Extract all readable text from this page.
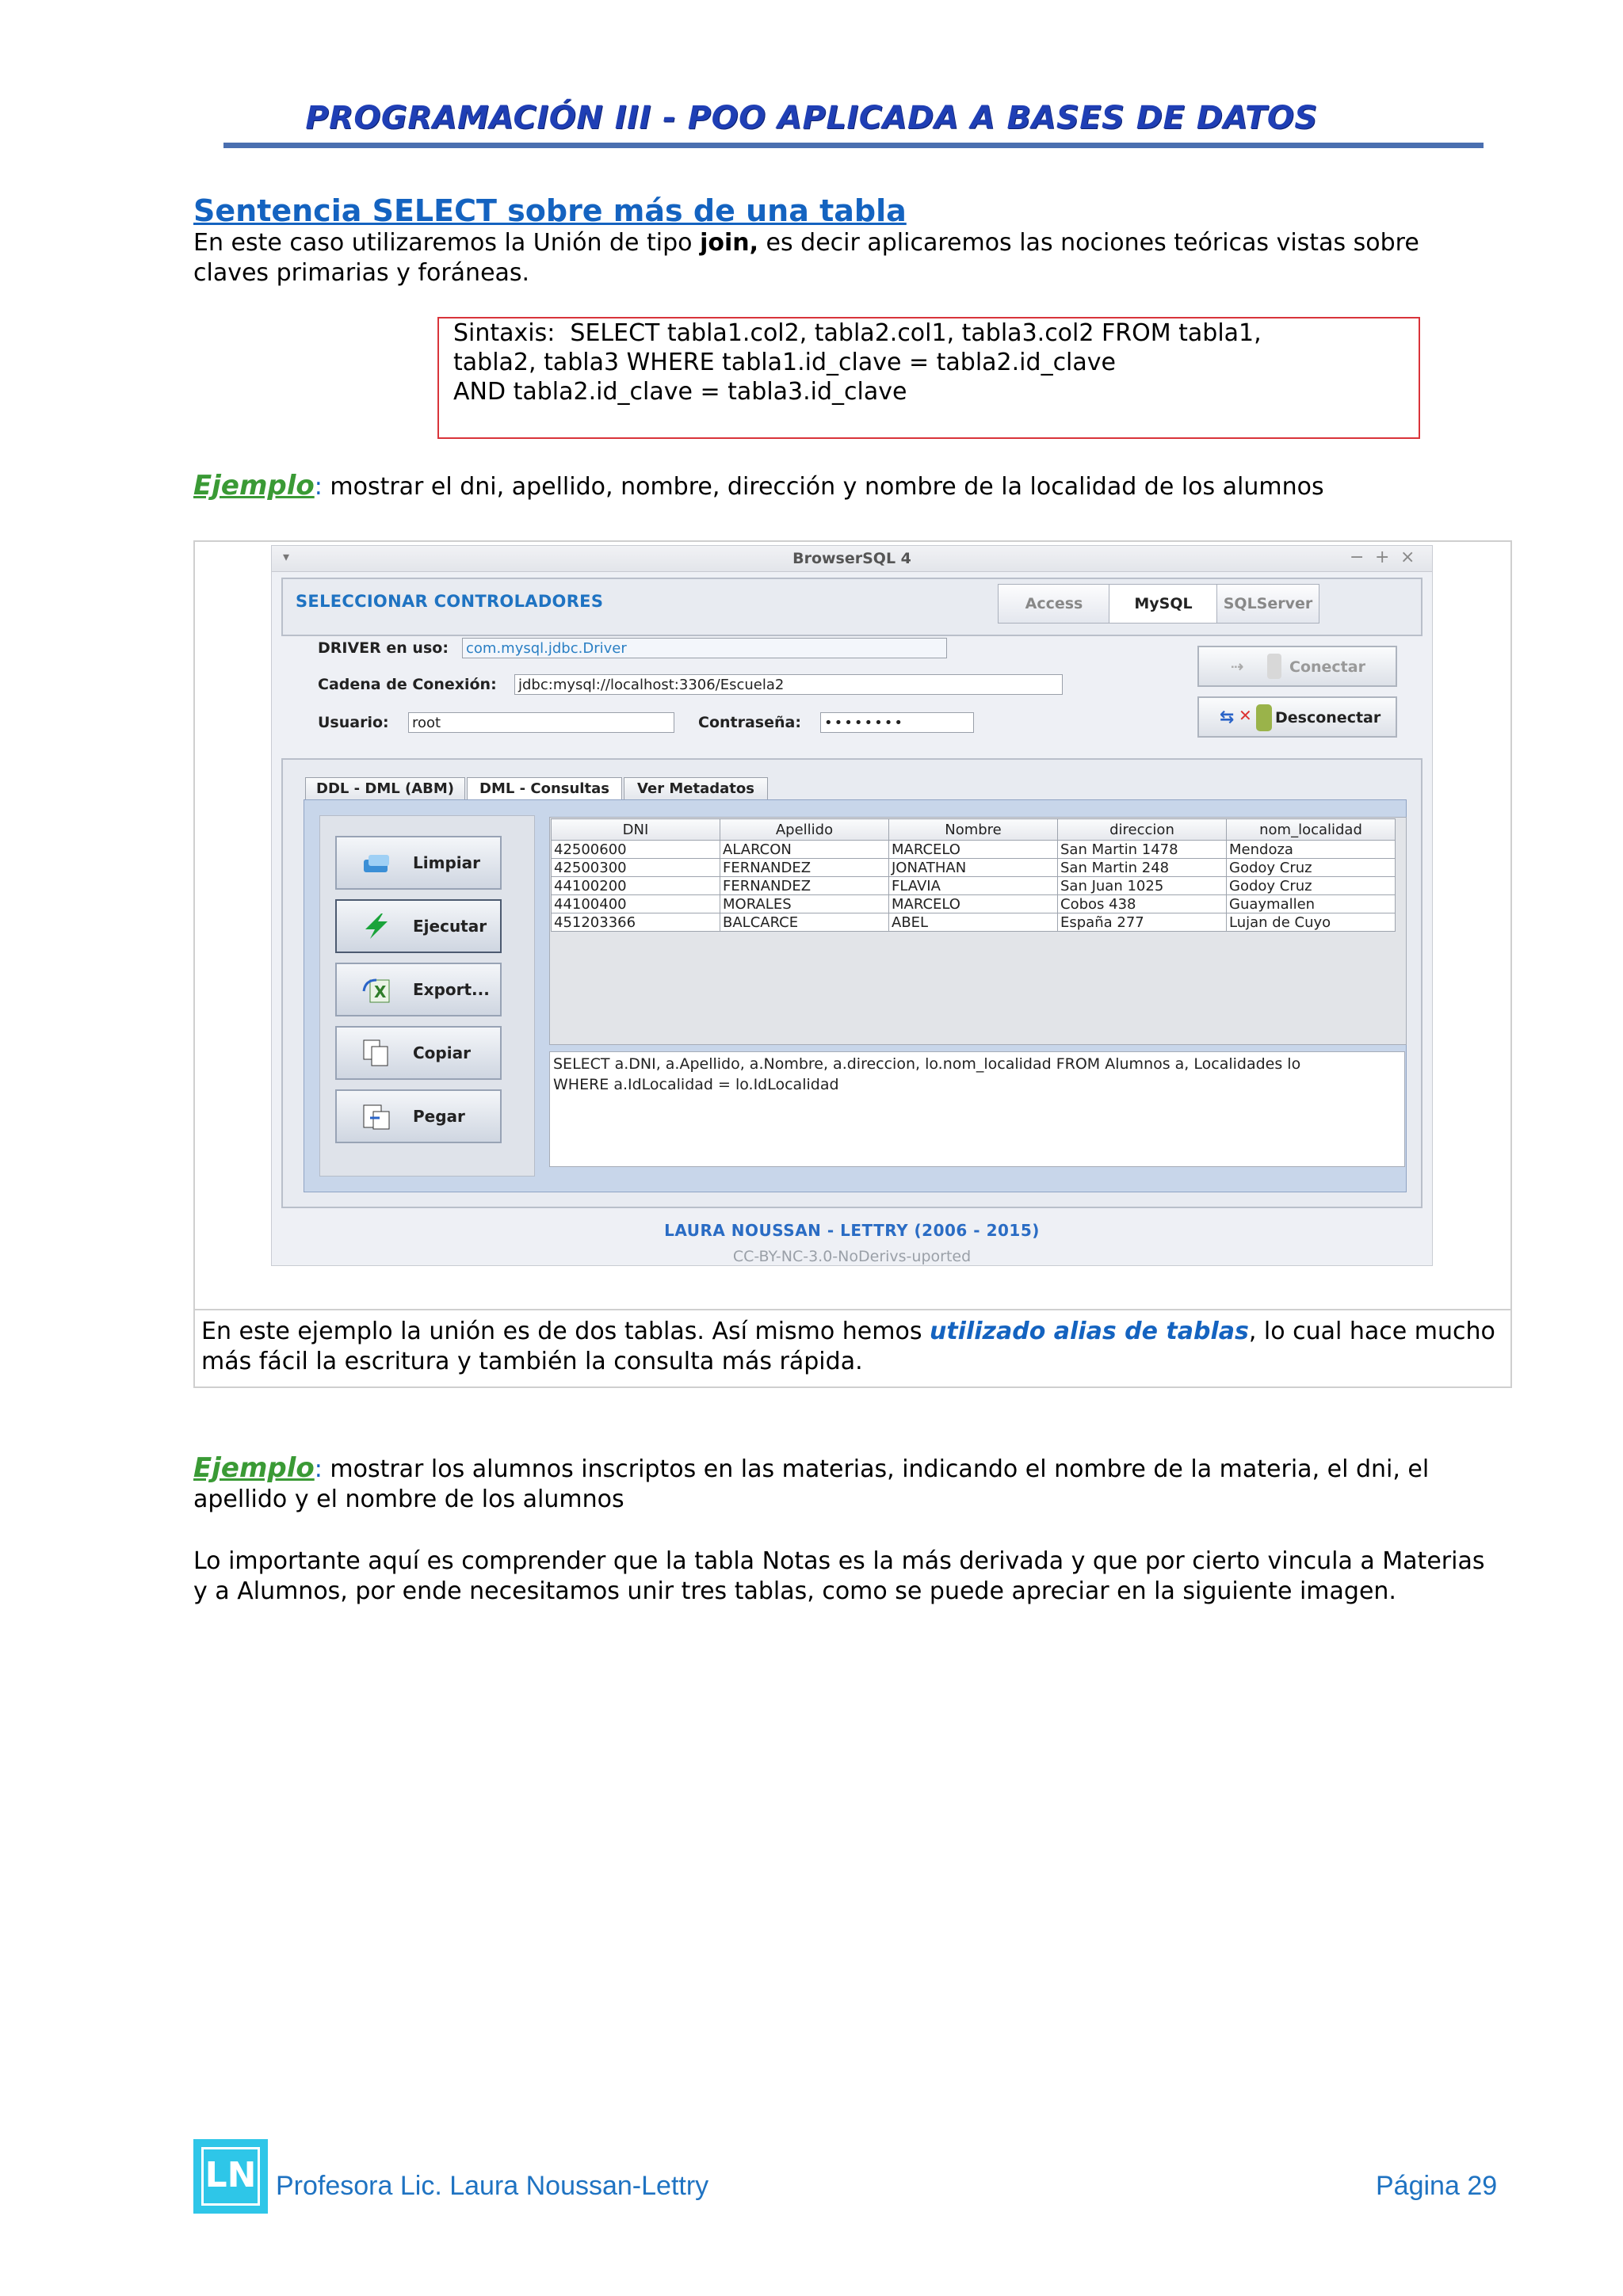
PROGRAMACIÓN III - POO APLICADA A BASES DE DATOS
Sentencia SELECT sobre más de una tabla
En este caso utilizaremos la Unión de tipo join, es decir aplicaremos las nociones teóricas vistas sobre claves primarias y foráneas.
Sintaxis:  SELECT tabla1.col2, tabla2.col1, tabla3.col2 FROM tabla1,
tabla2, tabla3 WHERE tabla1.id_clave = tabla2.id_clave
AND tabla2.id_clave = tabla3.id_clave
Ejemplo: mostrar el dni, apellido, nombre, dirección y nombre de la localidad de los alumnos
▾	BrowserSQL 4	− + ×
SELECCIONAR CONTROLADORES	Access	MySQL	SQLServer
DRIVER en uso: com.mysql.jdbc.Driver
Cadena de Conexión: jdbc:mysql://localhost:3306/Escuela2
Usuario: root	Contraseña: ••••••••
⇢	Conectar
⇆ ✕ Desconectar
DDL - DML (ABM)	DML - Consultas	Ver Metadatos
Limpiar
Ejecutar
X Export...
Copiar
Pegar
DNI	Apellido	Nombre	direccion	nom_localidad
42500600	ALARCON	MARCELO	San Martin 1478	Mendoza
42500300	FERNANDEZ	JONATHAN	San Martin 248	Godoy Cruz
44100200	FERNANDEZ	FLAVIA	San Juan 1025	Godoy Cruz
44100400	MORALES	MARCELO	Cobos 438	Guaymallen
451203366	BALCARCE	ABEL	España 277	Lujan de Cuyo
SELECT a.DNI, a.Apellido, a.Nombre, a.direccion, lo.nom_localidad FROM Alumnos a, Localidades lo
WHERE a.IdLocalidad = lo.IdLocalidad
LAURA NOUSSAN - LETTRY (2006 - 2015)
CC-BY-NC-3.0-NoDerivs-uported
En este ejemplo la unión es de dos tablas. Así mismo hemos utilizado alias de tablas, lo cual hace mucho más fácil la escritura y también la consulta más rápida.
Ejemplo: mostrar los alumnos inscriptos en las materias, indicando el nombre de la materia, el dni, el apellido y el nombre de los alumnos
Lo importante aquí es comprender que la tabla Notas es la más derivada y que por cierto vincula a Materias y a Alumnos, por ende necesitamos unir tres tablas, como se puede apreciar en la siguiente imagen.
LN Profesora Lic. Laura Noussan-Lettry	Página 29
